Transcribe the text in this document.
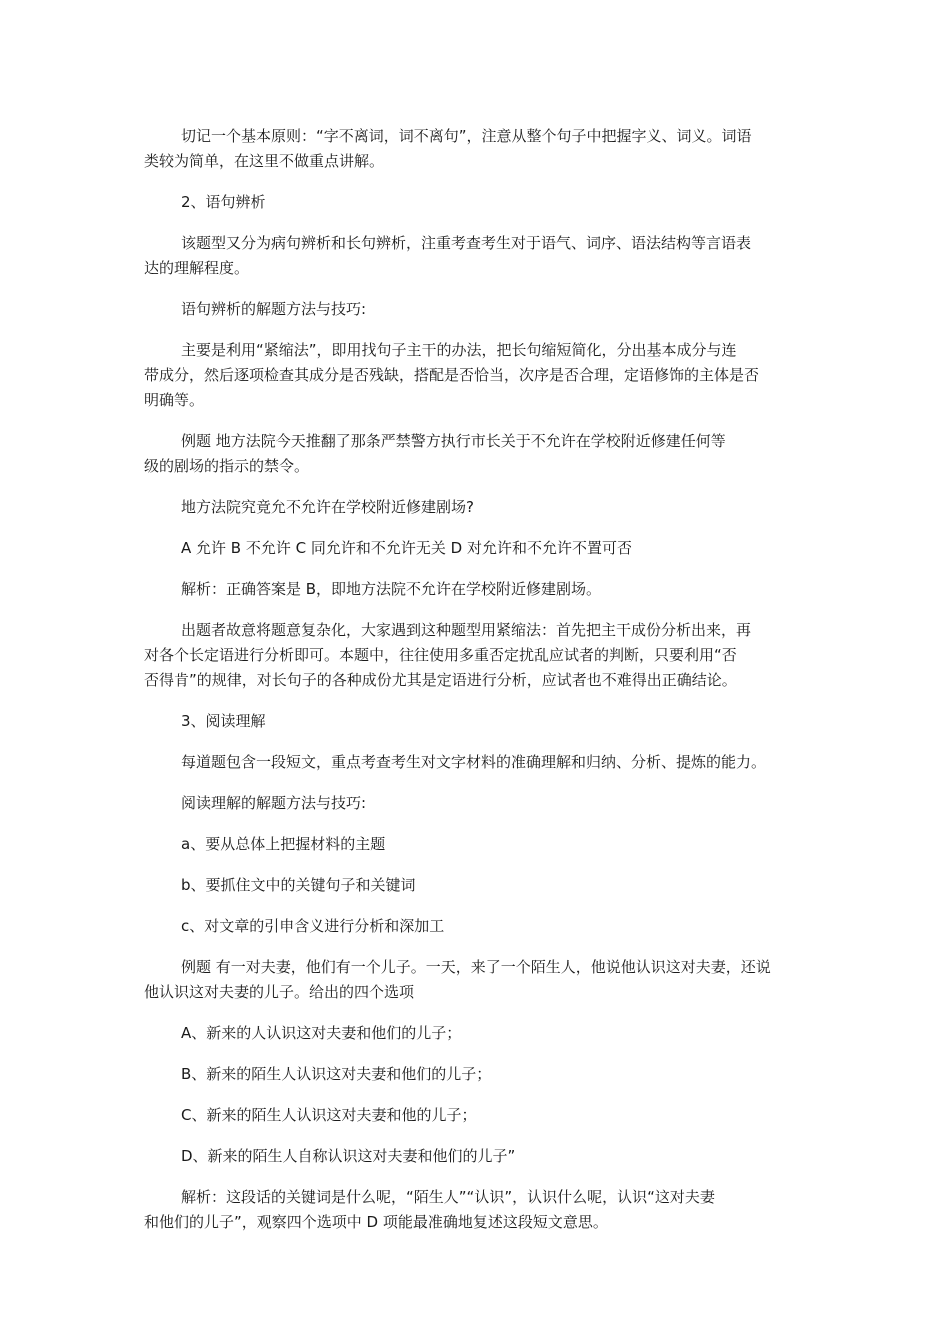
切记一个基本原则：“字不离词，词不离句”，注意从整个句子中把握字义、词义。词语
类较为简单，在这里不做重点讲解。
2、语句辨析
该题型又分为病句辨析和长句辨析，注重考查考生对于语气、词序、语法结构等言语表
达的理解程度。
语句辨析的解题方法与技巧:
主要是利用“紧缩法”，即用找句子主干的办法，把长句缩短简化，分出基本成分与连
带成分，然后逐项检查其成分是否残缺，搭配是否恰当，次序是否合理，定语修饰的主体是否
明确等。
例题 地方法院今天推翻了那条严禁警方执行市长关于不允许在学校附近修建任何等
级的剧场的指示的禁令。
地方法院究竟允不允许在学校附近修建剧场?
A 允许 B 不允许 C 同允许和不允许无关 D 对允许和不允许不置可否
解析：正确答案是 B，即地方法院不允许在学校附近修建剧场。
出题者故意将题意复杂化，大家遇到这种题型用紧缩法：首先把主干成份分析出来，再
对各个长定语进行分析即可。本题中，往往使用多重否定扰乱应试者的判断，只要利用“否
否得肯”的规律，对长句子的各种成份尤其是定语进行分析，应试者也不难得出正确结论。
3、阅读理解
每道题包含一段短文，重点考查考生对文字材料的准确理解和归纳、分析、提炼的能力。
阅读理解的解题方法与技巧:
a、要从总体上把握材料的主题
b、要抓住文中的关键句子和关键词
c、对文章的引申含义进行分析和深加工
例题 有一对夫妻，他们有一个儿子。一天，来了一个陌生人，他说他认识这对夫妻，还说
他认识这对夫妻的儿子。给出的四个选项
A、新来的人认识这对夫妻和他们的儿子；
B、新来的陌生人认识这对夫妻和他们的儿子；
C、新来的陌生人认识这对夫妻和他的儿子；
D、新来的陌生人自称认识这对夫妻和他们的儿子”
解析：这段话的关键词是什么呢，“陌生人”“认识”，认识什么呢，认识“这对夫妻
和他们的儿子”，观察四个选项中 D 项能最准确地复述这段短文意思。
